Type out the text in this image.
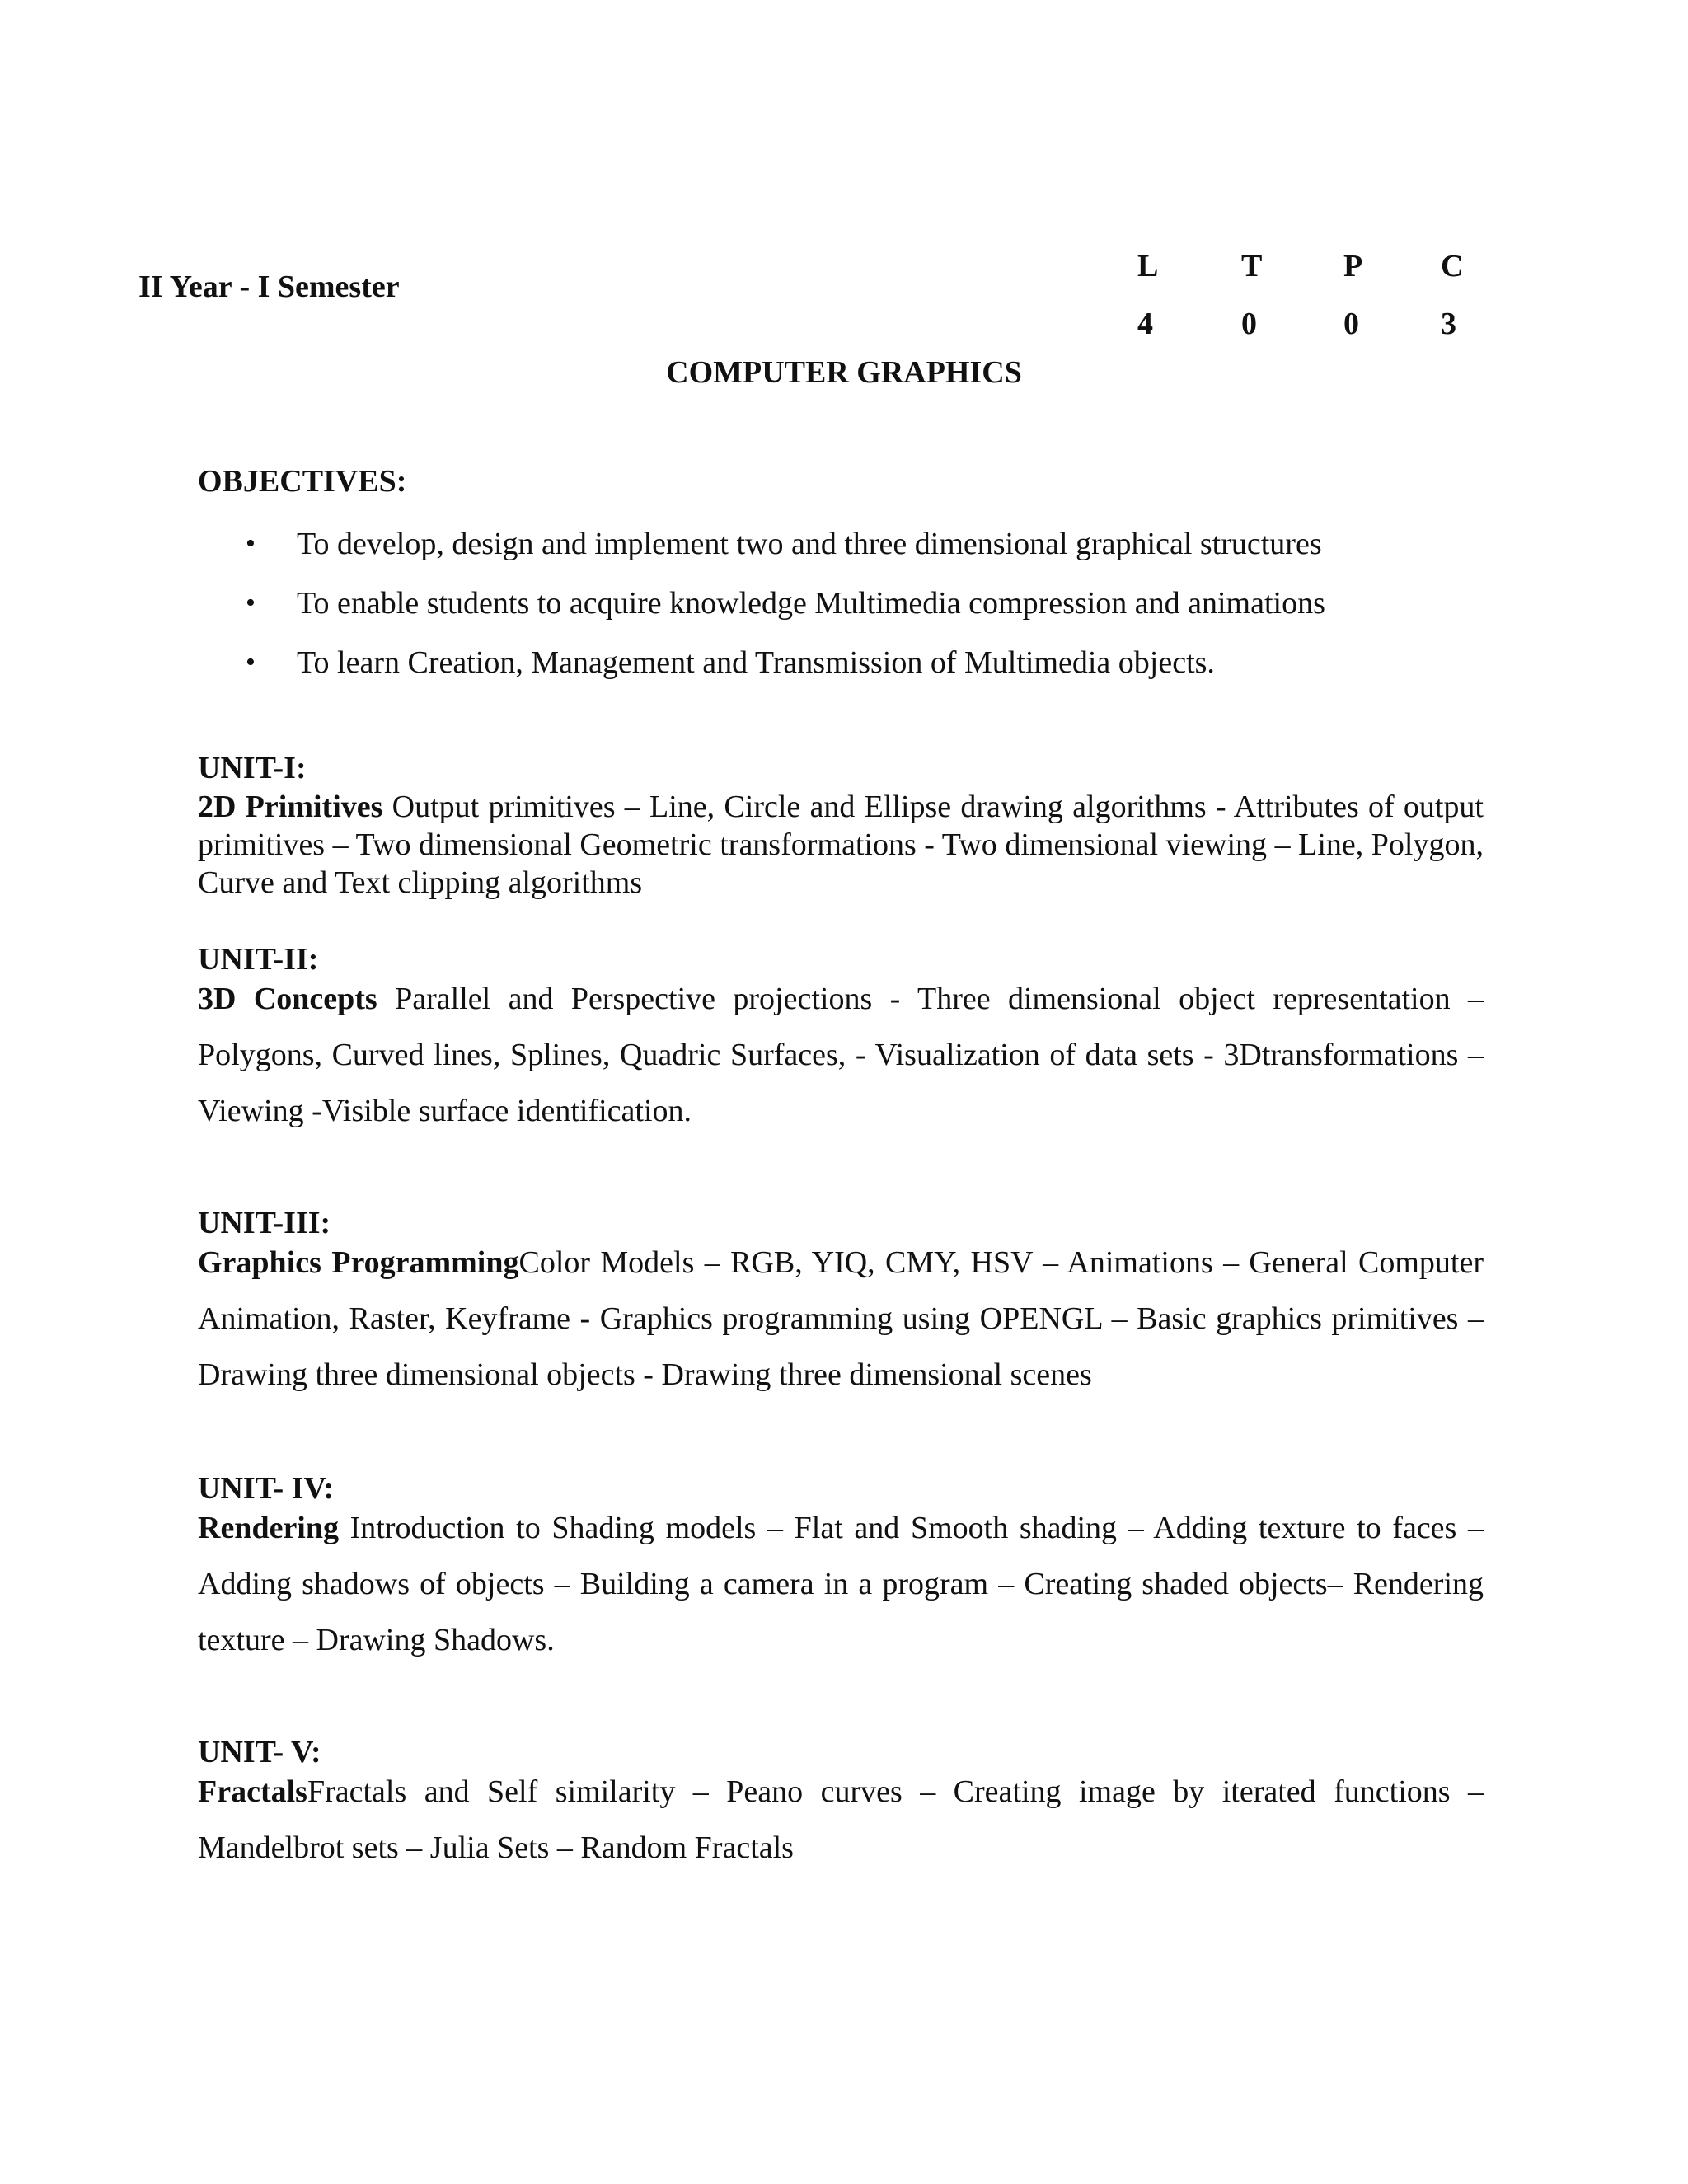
II Year - I Semester
L	T	P	C
4	0	0	3
COMPUTER GRAPHICS
OBJECTIVES:
• To develop, design and implement two and three dimensional graphical structures
• To enable students to acquire knowledge Multimedia compression and animations
• To learn Creation, Management and Transmission of Multimedia objects.
UNIT-I:
2D Primitives Output primitives – Line, Circle and Ellipse drawing algorithms - Attributes of output primitives – Two dimensional Geometric transformations - Two dimensional viewing – Line, Polygon, Curve and Text clipping algorithms
UNIT-II:
3D Concepts Parallel and Perspective projections - Three dimensional object representation – Polygons, Curved lines, Splines, Quadric Surfaces, - Visualization of data sets - 3Dtransformations – Viewing -Visible surface identification.
UNIT-III:
Graphics ProgrammingColor Models – RGB, YIQ, CMY, HSV – Animations – General Computer Animation, Raster, Keyframe - Graphics programming using OPENGL – Basic graphics primitives –Drawing three dimensional objects - Drawing three dimensional scenes
UNIT- IV:
Rendering Introduction to Shading models – Flat and Smooth shading – Adding texture to faces –Adding shadows of objects – Building a camera in a program – Creating shaded objects– Rendering texture – Drawing Shadows.
UNIT- V:
FractalsFractals and Self similarity – Peano curves – Creating image by iterated functions – Mandelbrot sets – Julia Sets – Random Fractals
